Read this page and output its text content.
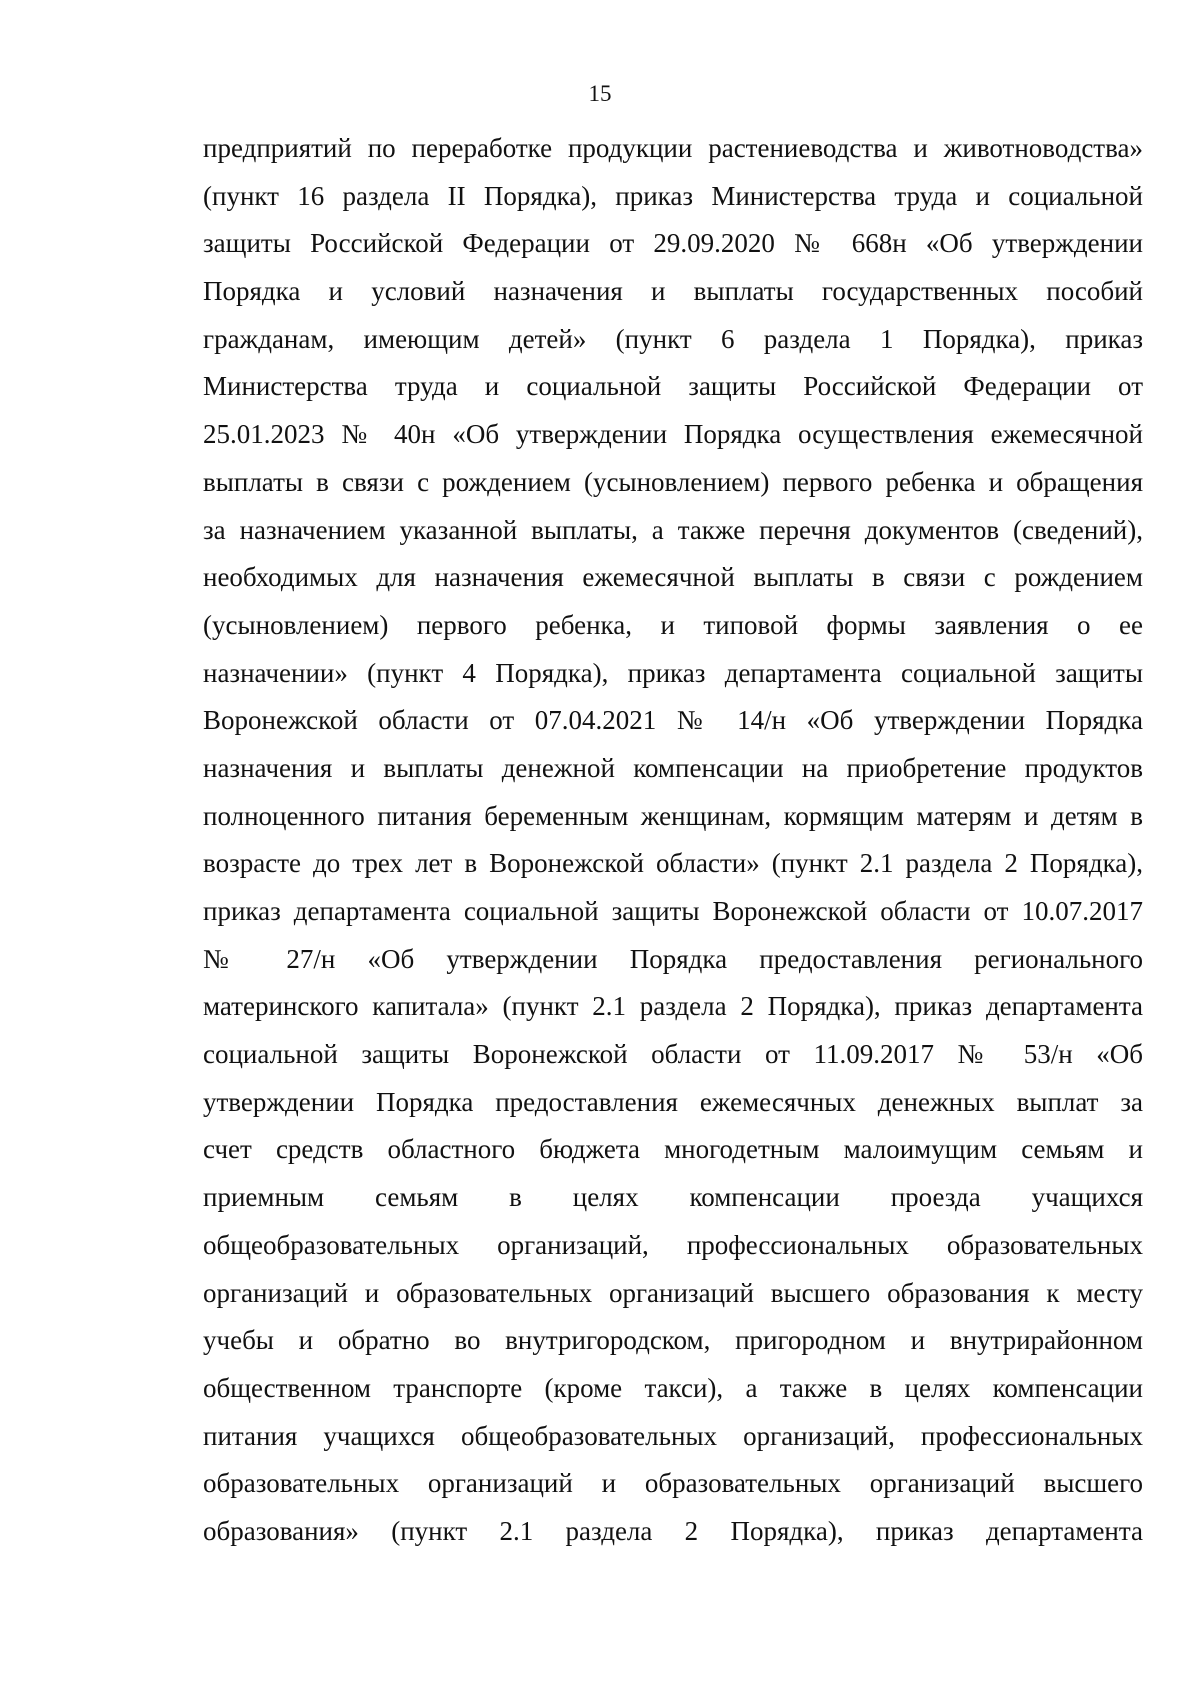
15
предприятий по переработке продукции растениеводства и животноводства»
(пункт 16 раздела II Порядка), приказ Министерства труда и социальной
защиты Российской Федерации от 29.09.2020 № 668н «Об утверждении
Порядка и условий назначения и выплаты государственных пособий
гражданам, имеющим детей» (пункт 6 раздела 1 Порядка), приказ
Министерства труда и социальной защиты Российской Федерации от
25.01.2023 № 40н «Об утверждении Порядка осуществления ежемесячной
выплаты в связи с рождением (усыновлением) первого ребенка и обращения
за назначением указанной выплаты, а также перечня документов (сведений),
необходимых для назначения ежемесячной выплаты в связи с рождением
(усыновлением) первого ребенка, и типовой формы заявления о ее
назначении» (пункт 4 Порядка), приказ департамента социальной защиты
Воронежской области от 07.04.2021 № 14/н «Об утверждении Порядка
назначения и выплаты денежной компенсации на приобретение продуктов
полноценного питания беременным женщинам, кормящим матерям и детям в
возрасте до трех лет в Воронежской области» (пункт 2.1 раздела 2 Порядка),
приказ департамента социальной защиты Воронежской области от 10.07.2017
№ 27/н «Об утверждении Порядка предоставления регионального
материнского капитала» (пункт 2.1 раздела 2 Порядка), приказ департамента
социальной защиты Воронежской области от 11.09.2017 № 53/н «Об
утверждении Порядка предоставления ежемесячных денежных выплат за
счет средств областного бюджета многодетным малоимущим семьям и
приемным семьям в целях компенсации проезда учащихся
общеобразовательных организаций, профессиональных образовательных
организаций и образовательных организаций высшего образования к месту
учебы и обратно во внутригородском, пригородном и внутрирайонном
общественном транспорте (кроме такси), а также в целях компенсации
питания учащихся общеобразовательных организаций, профессиональных
образовательных организаций и образовательных организаций высшего
образования» (пункт 2.1 раздела 2 Порядка), приказ департамента
